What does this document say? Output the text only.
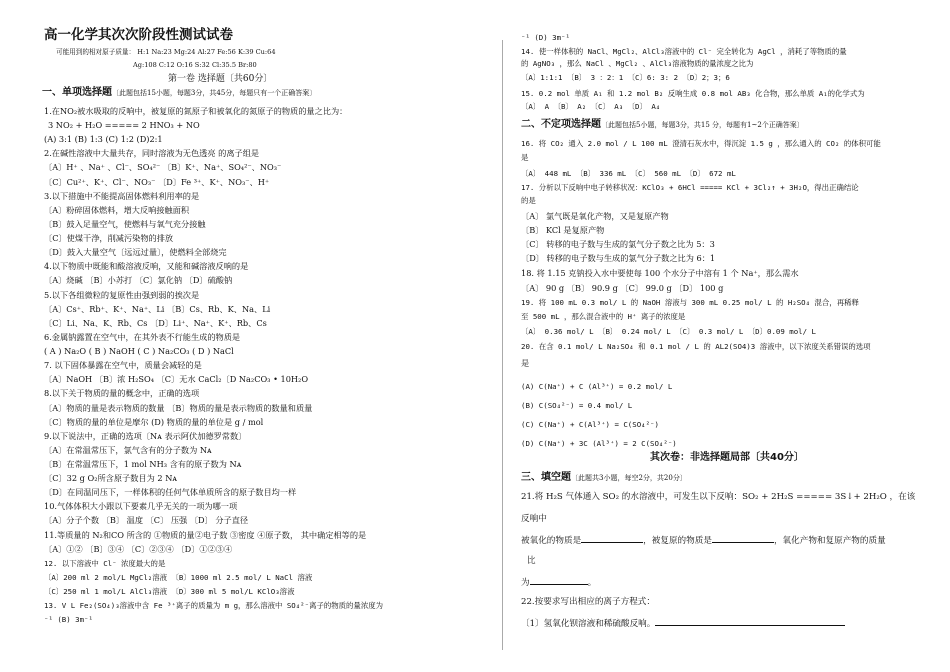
高一化学其次次阶段性测试试卷
可能用到的相对原子质量： H:1 Na:23 Mg:24 Al:27 Fe:56 K:39 Cu:64
Ag:108 C:12 O:16 S:32 Cl:35.5 Br:80
第一卷 选择题〔共60分〕
一、单项选择题〔此题包括15小题，每题3分，共45分，每题只有一个正确答案〕
1.在NO₂被水吸取的反响中，被复原的氮原子和被氧化的氮原子的物质的量之比为：
3 NO₂ + H₂O ===== 2 HNO₃ + NO
(A) 3:1 (B) 1:3 (C) 1:2 (D)2:1
2.在碱性溶液中大量共存，同时溶液为无色透亮 的离子组是
〔A〕H⁺ 、Na⁺ 、Cl⁻、SO₄²⁻ 〔B〕K⁺、Na⁺、SO₄²⁻、NO₃⁻
〔C〕Cu²⁺、K⁺、Cl⁻、NO₃⁻ 〔D〕Fe ³⁺、K⁺、NO₃⁻、H⁺
3.以下措施中不能提高固体燃料利用率的是
〔A〕粉碎固体燃料，增大反响接触面积
〔B〕鼓入足量空气，使燃料与氧气充分接触
〔C〕使煤干浄，削减污染物的排放
〔D〕鼓入大量空气〔远远过量〕，使燃料全部烧完
4.以下物质中既能和酸溶液反响，又能和碱溶液反响的是
〔A〕烧碱 〔B〕小苏打 〔C〕氯化钠 〔D〕硫酸钠
5.以下各组微粒的复原性由强到弱的挨次是
〔A〕Cs⁺、Rb⁺、K⁺、Na⁺、Li 〔B〕Cs、Rb、K、Na、Li
〔C〕Li、Na、K、Rb、Cs 〔D〕Li⁺、Na⁺、K⁺、Rb、Cs
6.金属钠露置在空气中，在其外表不行能生成的物质是
( A ) Na₂O ( B ) NaOH ( C ) Na₂CO₃ ( D ) NaCl
7. 以下固体暴露在空气中，质量会减轻的是
〔A〕NaOH 〔B〕浓 H₂SO₄ 〔C〕无水 CaCl₂〔D Na₂CO₃ • 10H₂O
8.以下关于物质的量的概念中，正确的选项
〔A〕物质的量是表示物质的数量 〔B〕物质的量是表示物质的数量和质量
〔C〕物质的量的单位是摩尔 (D) 物质的量的单位是 g / mol
9.以下说法中，正确的选项〔Nᴀ 表示阿伏加德罗常数〕
〔A〕在常温常压下，氯气含有的分子数为 Nᴀ
〔B〕在常温常压下，1 mol NH₃ 含有的原子数为 Nᴀ
〔C〕32 g O₂所含原子数目为 2 Nᴀ
〔D〕在同温同压下，一样体积的任何气体单质所含的原子数目均一样
10.气体体积大小跟以下要素几乎无关的一项为哪一项
〔A〕分子个数 〔B〕 温度 〔C〕 压强 〔D〕 分子直径
11.等质量的 N₂和CO 所含的 ①物质的量②电子数 ③密度 ④原子数， 其中确定相等的是
〔A〕①② 〔B〕③④ 〔C〕②③④ 〔D〕①②③④
12. 以下溶液中 Cl⁻ 浓度最大的是
〔A〕200 ml 2 mol/L MgCl₂溶液 〔B〕1000 ml 2.5 mol/ L NaCl 溶液
〔C〕250 ml 1 mol/L AlCl₃溶液 〔D〕300 ml 5 mol/L KClO₃溶液
13. V L Fe₂(SO₄)₃溶液中含 Fe ³⁺离子的质量为 m g，那么溶液中 SO₄²⁻离子的物质的量浓度为
⁻¹ (B) 3m⁻¹
⁻¹ (D) 3m⁻¹
14. 使一样体积的 NaCl、MgCl₂、AlCl₃溶液中的 Cl⁻ 完全转化为 AgCl ，消耗了等物质的量
的 AgNO₃ ，那么 NaCl 、MgCl₂ 、AlCl₃溶液物质的量浓度之比为
〔A〕1:1:1 〔B〕 3 ：2：1 〔C〕6: 3: 2 〔D〕2；3；6
15. 0.2 mol 单质 A₁ 和 1.2 mol B₂ 反响生成 0.8 mol AB₃ 化合物，那么单质 A₁的化学式为
〔A〕 A 〔B〕 A₂ 〔C〕 A₃ 〔D〕 A₄
16. 将 CO₂ 通入 2.0 mol / L 100 mL 澄清石灰水中，得沉淀 1.5 g ，那么通入的 CO₂ 的体积可能
是
〔A〕 448 mL 〔B〕 336 mL 〔C〕 560 mL 〔D〕 672 mL
17. 分析以下反响中电子转移状况：KClO₃ + 6HCl ===== KCl + 3Cl₂↑ + 3H₂O，得出正确结论
的是
〔A〕 氯气既是氧化产物，又是复原产物
〔B〕 KCl 是复原产物
〔C〕 转移的电子数与生成的氯气分子数之比为 5：3
〔D〕 转移的电子数与生成的氯气分子数之比为 6：1
18. 将 1.15 克钠投入水中要使每 100 个水分子中溶有 1 个 Na⁺，那么需水
〔A〕 90 g 〔B〕 90.9 g 〔C〕 99.0 g 〔D〕 100 g
19. 将 100 mL 0.3 mol/ L 的 NaOH 溶液与 300 mL 0.25 mol/ L 的 H₂SO₄ 混合，再稀释
至 500 mL ，那么混合液中的 H⁺ 离子的浓度是
〔A〕 0.36 mol/ L 〔B〕 0.24 mol/ L 〔C〕 0.3 mol/ L 〔D〕0.09 mol/ L
20. 在含 0.1 mol/ L Na₂SO₄ 和 0.1 mol / L 的 AL2(SO4)3 溶液中，以下浓度关系错误的选项
是
(A) C(Na⁺) + C (Al³⁺) = 0.2 mol/ L
(B) C(SO₄²⁻) = 0.4 mol/ L
(C) C(Na⁺) + C(Al³⁺) = C(SO₄²⁻)
(D) C(Na⁺) + 3C (Al³⁺) = 2 C(SO₄²⁻)
二、不定项选择题〔此题包括5小题，每题3分，共15 分，每题有1~2个正确答案〕
其次卷：非选择题局部〔共40分〕
三、填空题〔此题共3小题，每空2分，共20分〕
21.将 H₂S 气体通入 SO₂ 的水溶液中，可发生以下反响：SO₂ + 2H₂S ===== 3S↓+ 2H₂O ，在该
反响中
被氧化的物质是	，被复原的物质是	，氧化产物和复原产物的质量
比
为	。
22.按要求写出相应的离子方程式：
〔1〕氢氧化钡溶液和稀硫酸反响。
